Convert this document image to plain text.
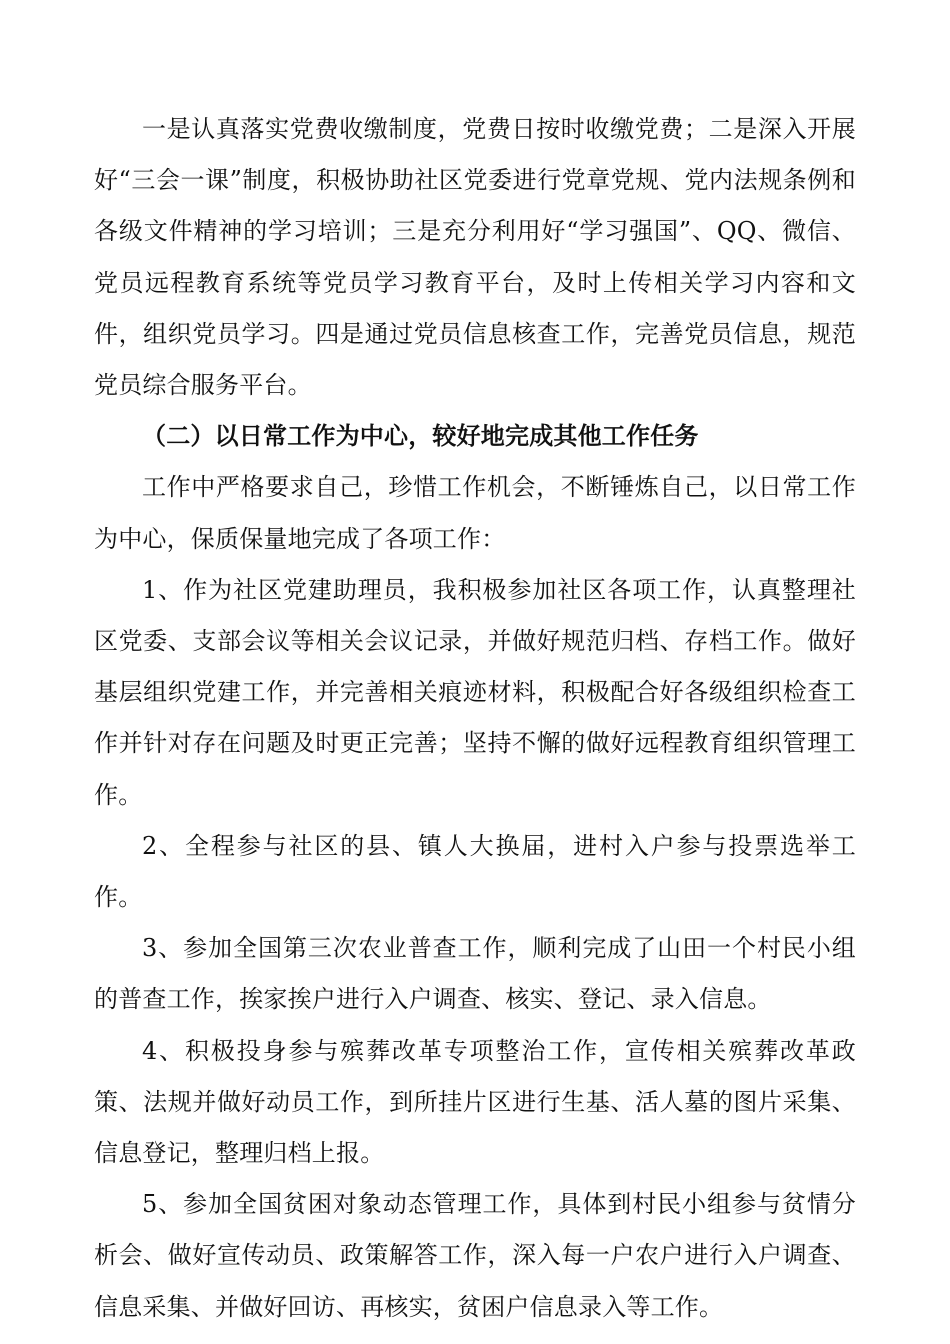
一是认真落实党费收缴制度，党费日按时收缴党费；二是深入开展好“三会一课”制度，积极协助社区党委进行党章党规、党内法规条例和各级文件精神的学习培训；三是充分利用好“学习强国”、QQ、微信、党员远程教育系统等党员学习教育平台，及时上传相关学习内容和文件，组织党员学习。四是通过党员信息核查工作，完善党员信息，规范党员综合服务平台。

（二）以日常工作为中心，较好地完成其他工作任务

工作中严格要求自己，珍惜工作机会，不断锤炼自己，以日常工作为中心，保质保量地完成了各项工作：

1、作为社区党建助理员，我积极参加社区各项工作，认真整理社区党委、支部会议等相关会议记录，并做好规范归档、存档工作。做好基层组织党建工作，并完善相关痕迹材料，积极配合好各级组织检查工作并针对存在问题及时更正完善；坚持不懈的做好远程教育组织管理工作。

2、全程参与社区的县、镇人大换届，进村入户参与投票选举工作。

3、参加全国第三次农业普查工作，顺利完成了山田一个村民小组的普查工作，挨家挨户进行入户调查、核实、登记、录入信息。

4、积极投身参与殡葬改革专项整治工作，宣传相关殡葬改革政策、法规并做好动员工作，到所挂片区进行生基、活人墓的图片采集、信息登记，整理归档上报。

5、参加全国贫困对象动态管理工作，具体到村民小组参与贫情分析会、做好宣传动员、政策解答工作，深入每一户农户进行入户调查、信息采集、并做好回访、再核实，贫困户信息录入等工作。
